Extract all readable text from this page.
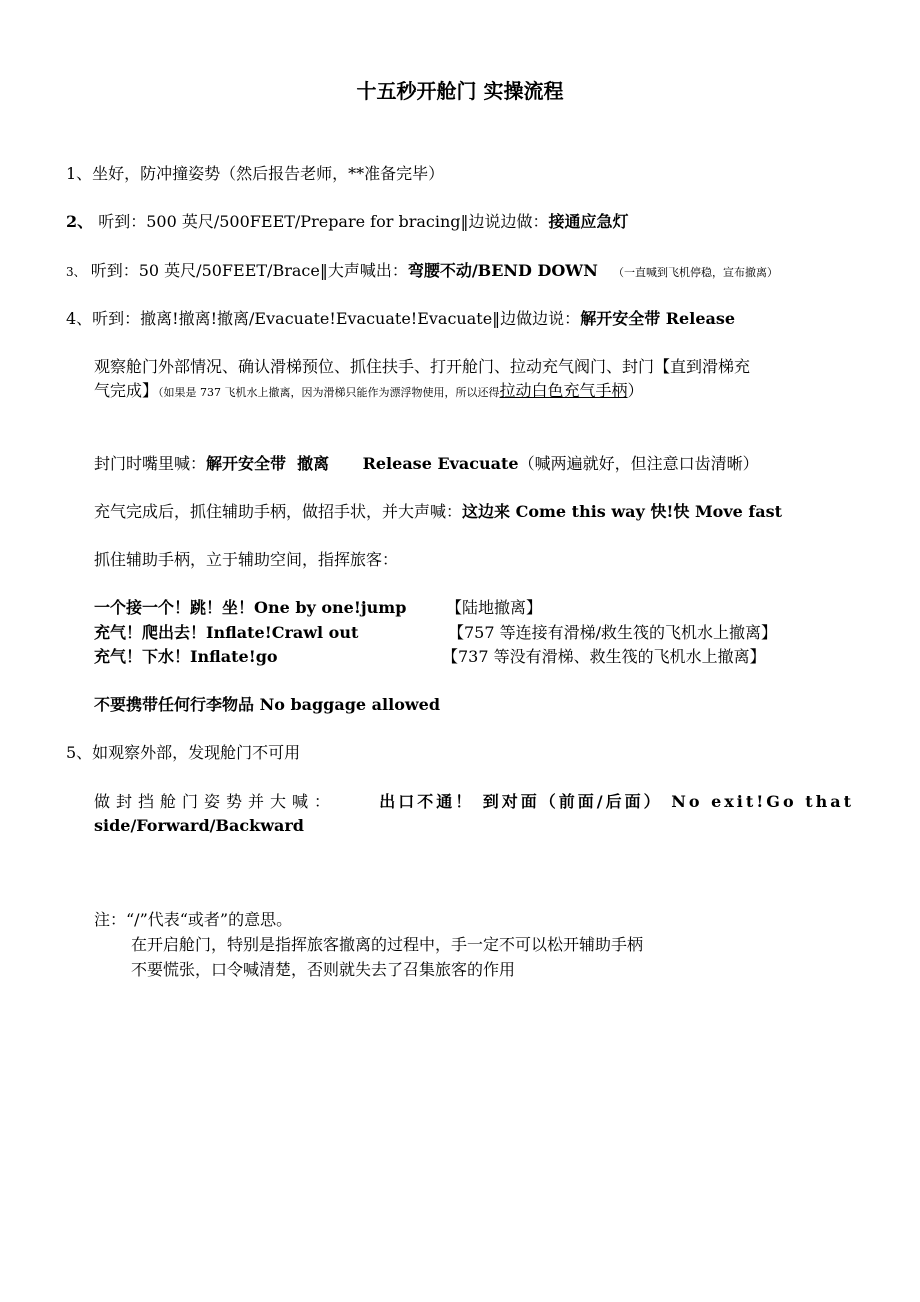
十五秒开舱门 实操流程
1、坐好，防冲撞姿势（然后报告老师，**准备完毕）
2、 听到：500 英尺/500FEET/Prepare for bracing‖边说边做：接通应急灯
3、 听到：50 英尺/50FEET/Brace‖大声喊出：弯腰不动/BEND DOWN （一直喊到飞机停稳，宣布撤离）
4、听到：撤离!撤离!撤离/Evacuate!Evacuate!Evacuate‖边做边说：解开安全带 Release
观察舱门外部情况、确认滑梯预位、抓住扶手、打开舱门、拉动充气阀门、封门【直到滑梯充
气完成】（如果是 737 飞机水上撤离，因为滑梯只能作为漂浮物使用，所以还得拉动白色充气手柄）
封门时嘴里喊：解开安全带  撤离      Release Evacuate（喊两遍就好，但注意口齿清晰）
充气完成后，抓住辅助手柄，做招手状，并大声喊：这边来 Come this way 快!快 Move fast
抓住辅助手柄，立于辅助空间，指挥旅客：
一个接一个！跳！坐！One by one!jump 【陆地撤离】
充气！爬出去！Inflate!Crawl out	【757 等连接有滑梯/救生筏的飞机水上撤离】
充气！下水！Inflate!go	【737 等没有滑梯、救生筏的飞机水上撤离】
不要携带任何行李物品 No baggage allowed
5、如观察外部，发现舱门不可用
做封挡舱门姿势并大喊：	出口不通！ 到对面（前面/后面） No exit!Go that
side/Forward/Backward
注：“/”代表“或者”的意思。
在开启舱门，特别是指挥旅客撤离的过程中，手一定不可以松开辅助手柄
不要慌张，口令喊清楚，否则就失去了召集旅客的作用
